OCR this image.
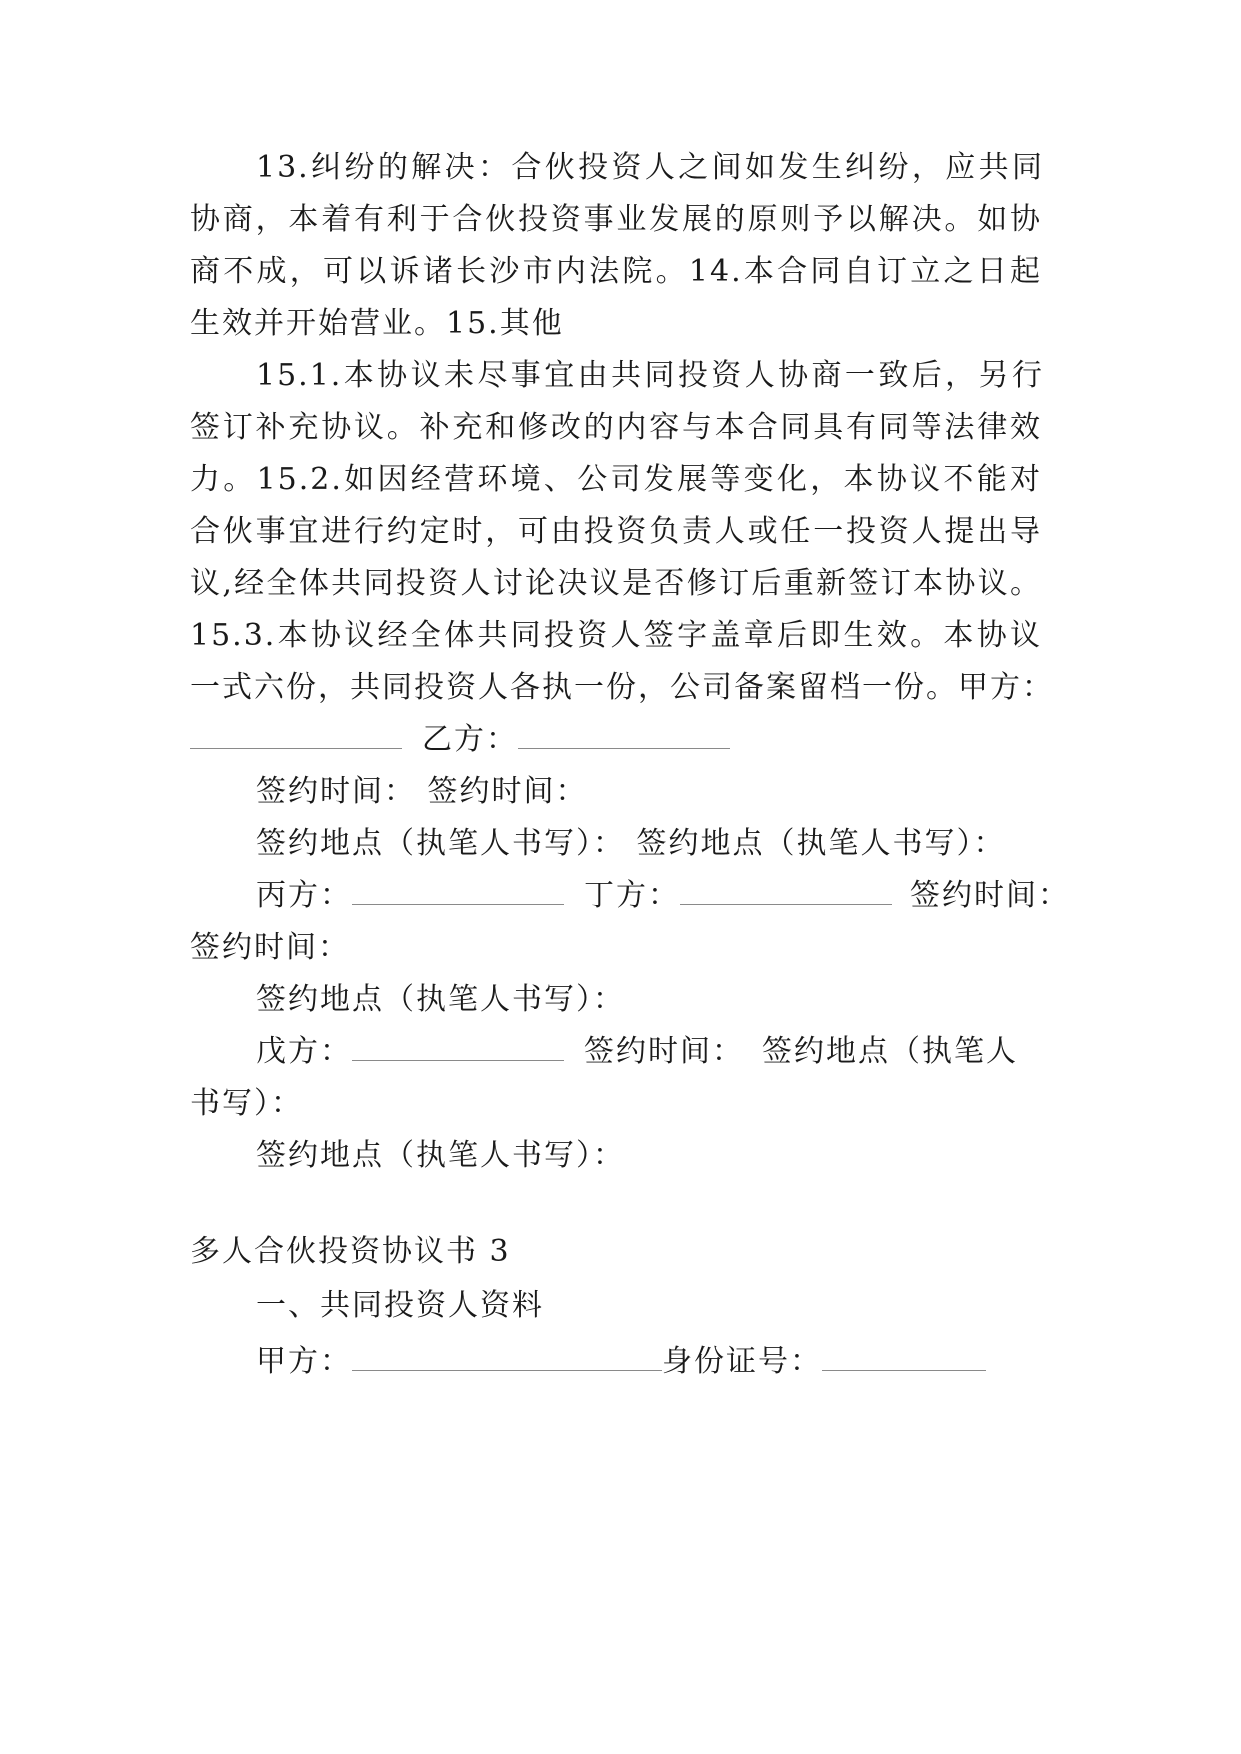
13.纠纷的解决：合伙投资人之间如发生纠纷，应共同
协商，本着有利于合伙投资事业发展的原则予以解决。如协
商不成，可以诉诸长沙市内法院。14.本合同自订立之日起
生效并开始营业。15.其他
15.1.本协议未尽事宜由共同投资人协商一致后，另行
签订补充协议。补充和修改的内容与本合同具有同等法律效
力。15.2.如因经营环境、公司发展等变化，本协议不能对
合伙事宜进行约定时，可由投资负责人或任一投资人提出导
议,经全体共同投资人讨论决议是否修订后重新签订本协议。
15.3.本协议经全体共同投资人签字盖章后即生效。本协议
一式六份，共同投资人各执一份，公司备案留档一份。甲方：
乙方：
签约时间： 签约时间：
签约地点（执笔人书写）： 签约地点（执笔人书写）：
丙方：	丁方：	签约时间：
签约时间：
签约地点（执笔人书写）：
戊方：	签约时间： 签约地点（执笔人
书写）：
签约地点（执笔人书写）：
多人合伙投资协议书 3
一、共同投资人资料
甲方：	身份证号：
